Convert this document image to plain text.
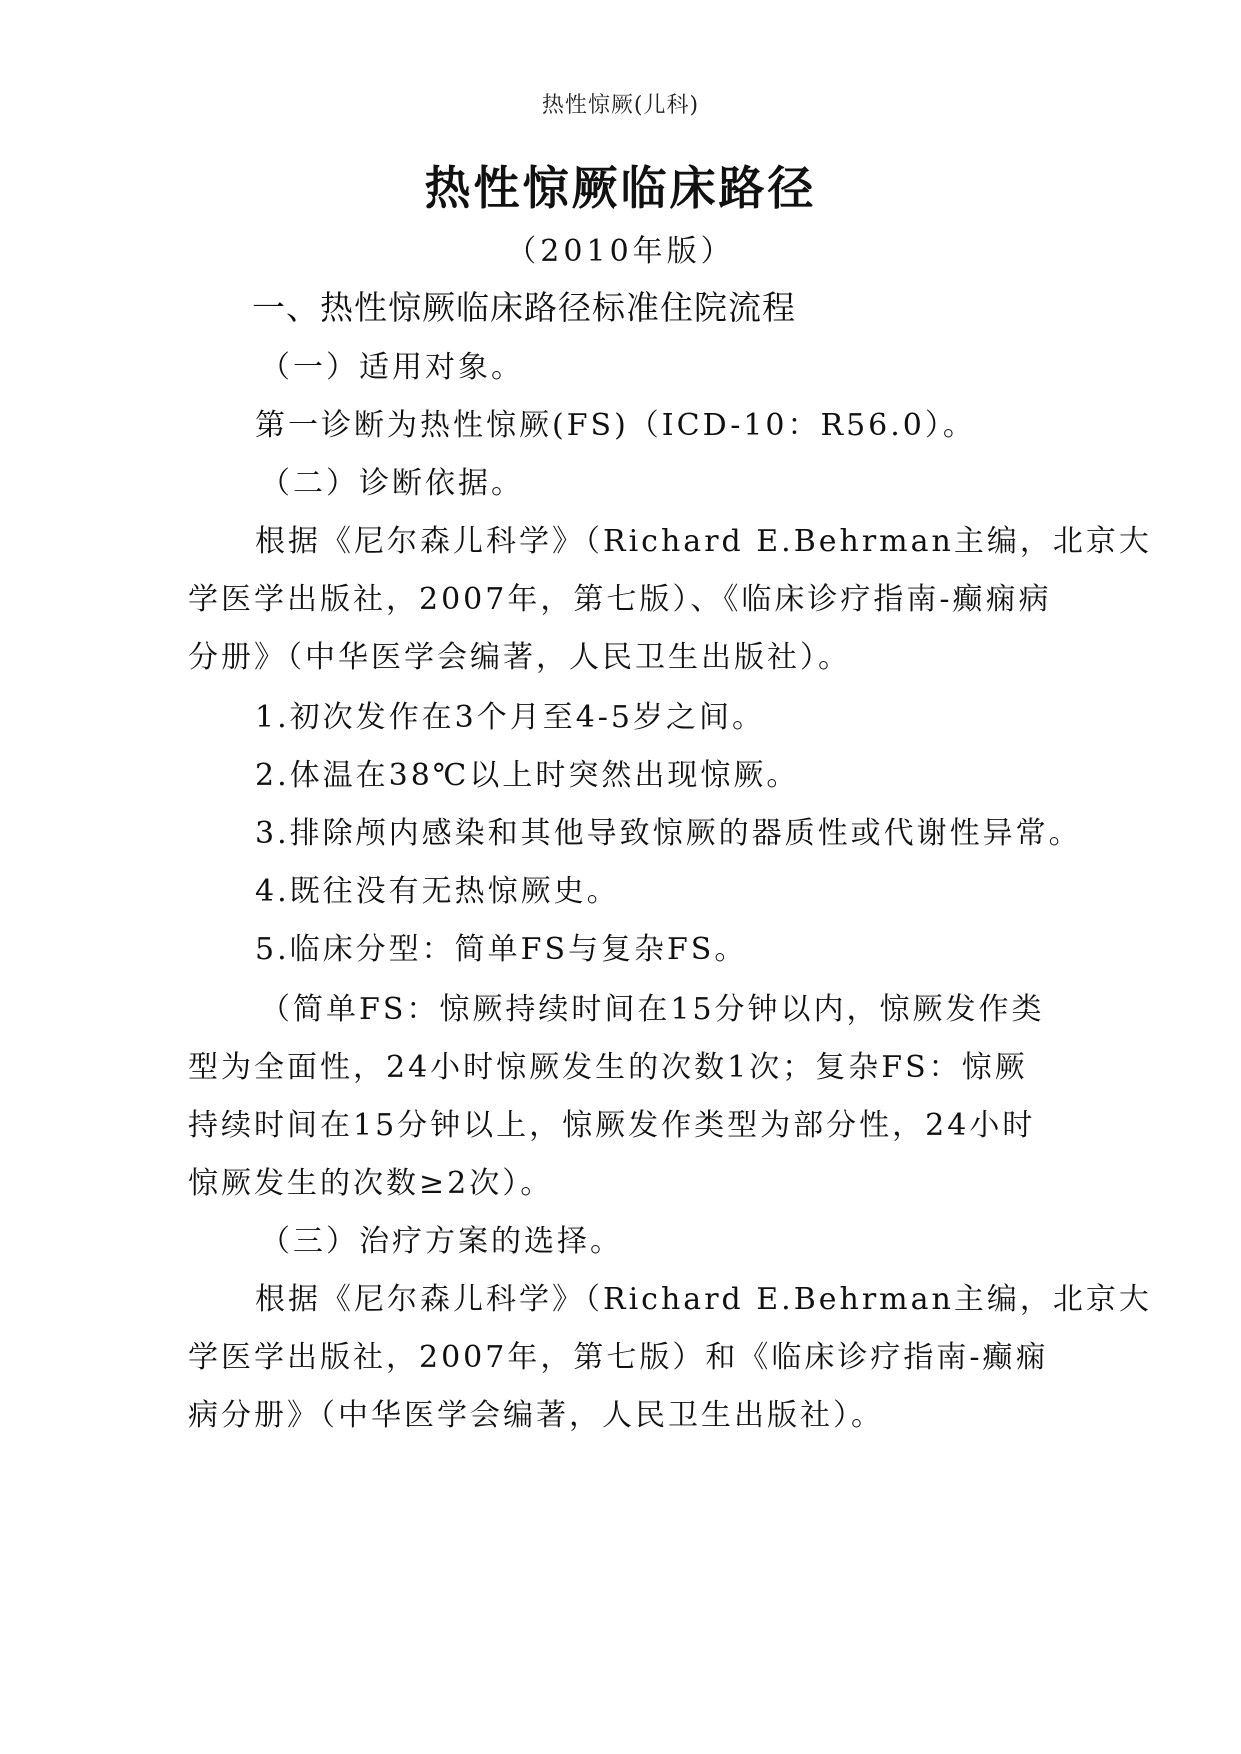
热性惊厥(儿科)
热性惊厥临床路径
（2010年版）
一、热性惊厥临床路径标准住院流程
（一）适用对象。
第一诊断为热性惊厥(FS)（ICD-10：R56.0）。
（二）诊断依据。
根据《尼尔森儿科学》（Richard E.Behrman主编，北京大
学医学出版社，2007年，第七版）、《临床诊疗指南-癫痫病
分册》（中华医学会编著，人民卫生出版社）。
1.初次发作在3个月至4-5岁之间。
2.体温在38℃以上时突然出现惊厥。
3.排除颅内感染和其他导致惊厥的器质性或代谢性异常。
4.既往没有无热惊厥史。
5.临床分型：简单FS与复杂FS。
（简单FS：惊厥持续时间在15分钟以内，惊厥发作类
型为全面性，24小时惊厥发生的次数1次；复杂FS：惊厥
持续时间在15分钟以上，惊厥发作类型为部分性，24小时
惊厥发生的次数≥2次）。
（三）治疗方案的选择。
根据《尼尔森儿科学》（Richard E.Behrman主编，北京大
学医学出版社，2007年，第七版）和《临床诊疗指南-癫痫
病分册》（中华医学会编著，人民卫生出版社）。
